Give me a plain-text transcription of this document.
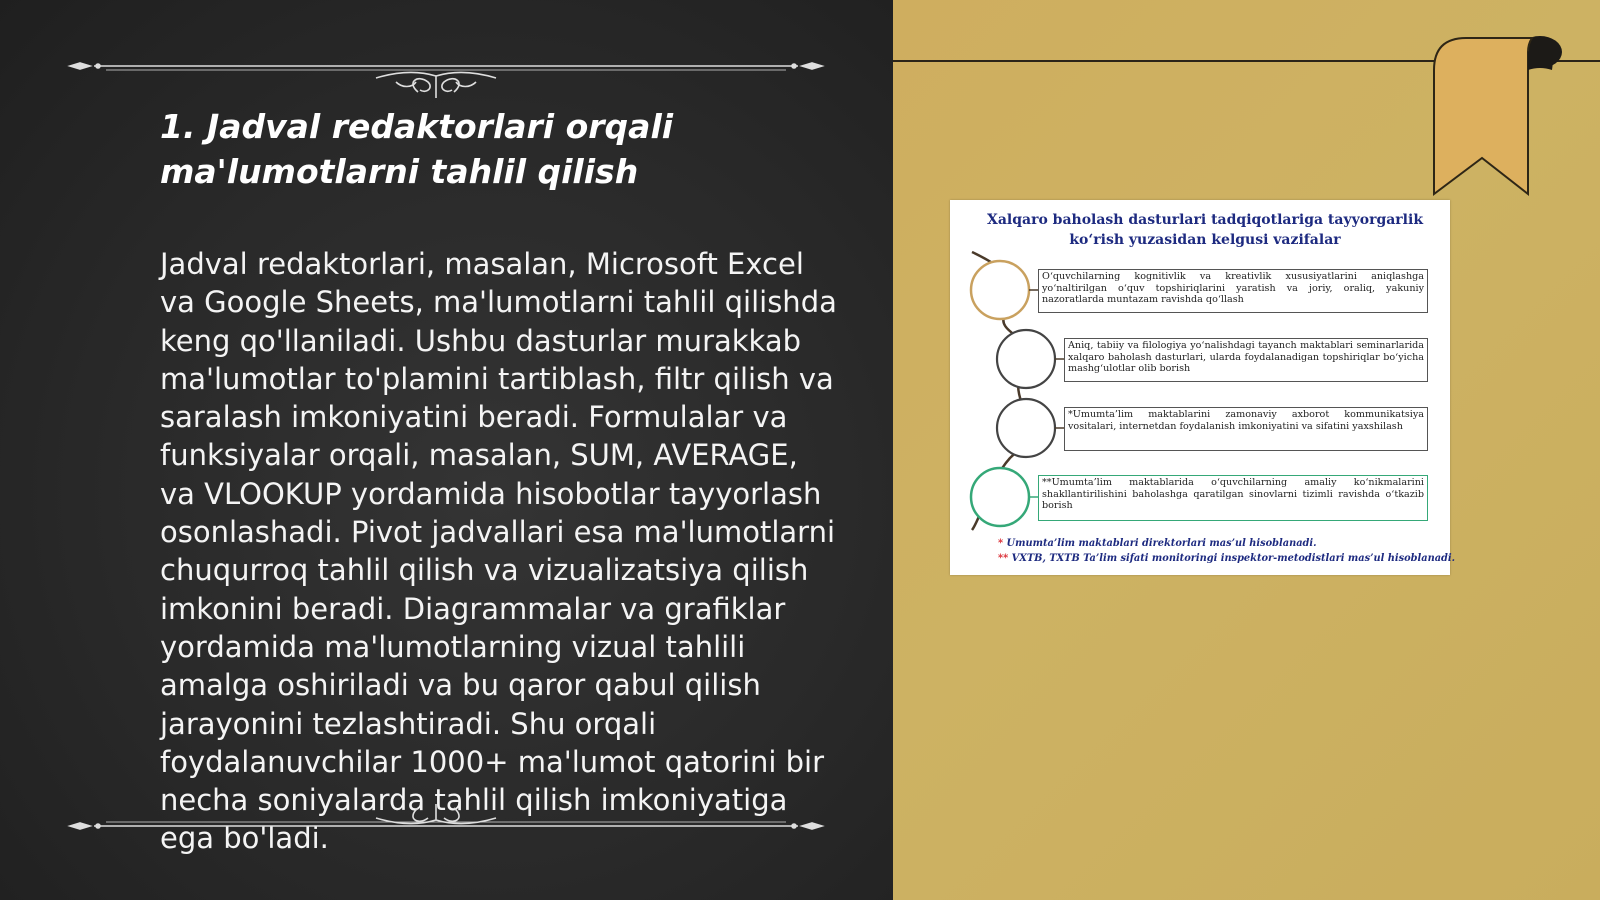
1. Jadval redaktorlari orqali ma'lumotlarni tahlil qilish

Jadval redaktorlari, masalan, Microsoft Excel va Google Sheets, ma'lumotlarni tahlil qilishda keng qo'llaniladi. Ushbu dasturlar murakkab ma'lumotlar to'plamini tartiblash, filtr qilish va saralash imkoniyatini beradi. Formulalar va funksiyalar orqali, masalan, SUM, AVERAGE, va VLOOKUP yordamida hisobotlar tayyorlash osonlashadi. Pivot jadvallari esa ma'lumotlarni chuqurroq tahlil qilish va vizualizatsiya qilish imkonini beradi. Diagrammalar va grafiklar yordamida ma'lumotlarning vizual tahlili amalga oshiriladi va bu qaror qabul qilish jarayonini tezlashtiradi. Shu orqali foydalanuvchilar 1000+ ma'lumot qatorini bir necha soniyalarda tahlil qilish imkoniyatiga ega bo'ladi.

Xalqaro baholash dasturlari tadqiqotlariga tayyorgarlik ko‘rish yuzasidan kelgusi vazifalar
O‘quvchilarning kognitivlik va kreativlik xususiyatlarini aniqlashga yo‘naltirilgan o‘quv topshiriqlarini yaratish va joriy, oraliq, yakuniy nazoratlarda muntazam ravishda qo‘llash
Aniq, tabiiy va filologiya yo‘nalishdagi tayanch maktablari seminarlarida xalqaro baholash dasturlari, ularda foydalanadigan topshiriqlar bo‘yicha mashg‘ulotlar olib borish
*Umumta’lim maktablarini zamonaviy axborot kommunikatsiya vositalari, internetdan foydalanish imkoniyatini va sifatini yaxshilash
**Umumta’lim maktablarida o‘quvchilarning amaliy ko‘nikmalarini shakllantirilishini baholashga qaratilgan sinovlarni tizimli ravishda o‘tkazib borish
* Umumta’lim maktablari direktorlari mas’ul hisoblanadi.
** VXTB, TXTB Ta’lim sifati monitoringi inspektor-metodistlari mas’ul hisoblanadi.
